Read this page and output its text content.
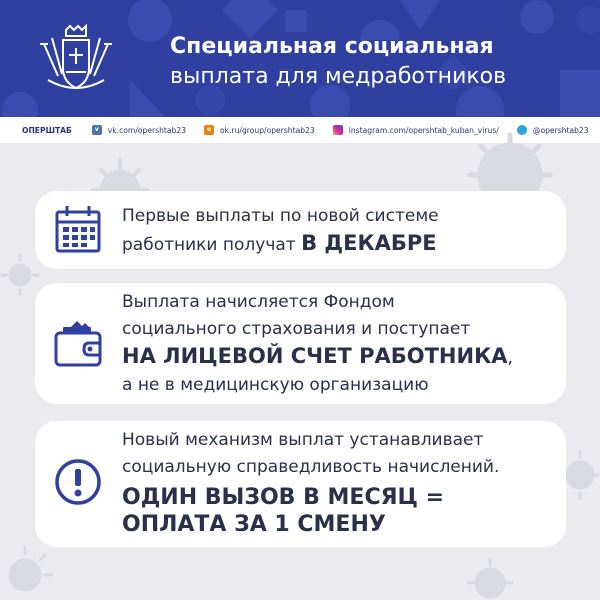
Специальная социальная
выплата для медработников
ОПЕРШТАБ	v	vk.com/opershtab23	o	ok.ru/group/opershtab23	instagram.com/opershtab_kuban_virus/	@opershtab23
Первые выплаты по новой системе
работники получат В ДЕКАБРЕ
Выплата начисляется Фондом
социального страхования и поступает
НА ЛИЦЕВОЙ СЧЕТ РАБОТНИКА,
а не в медицинскую организацию
Новый механизм выплат устанавливает
социальную справедливость начислений.
ОДИН ВЫЗОВ В МЕСЯЦ =
ОПЛАТА ЗА 1 СМЕНУ
